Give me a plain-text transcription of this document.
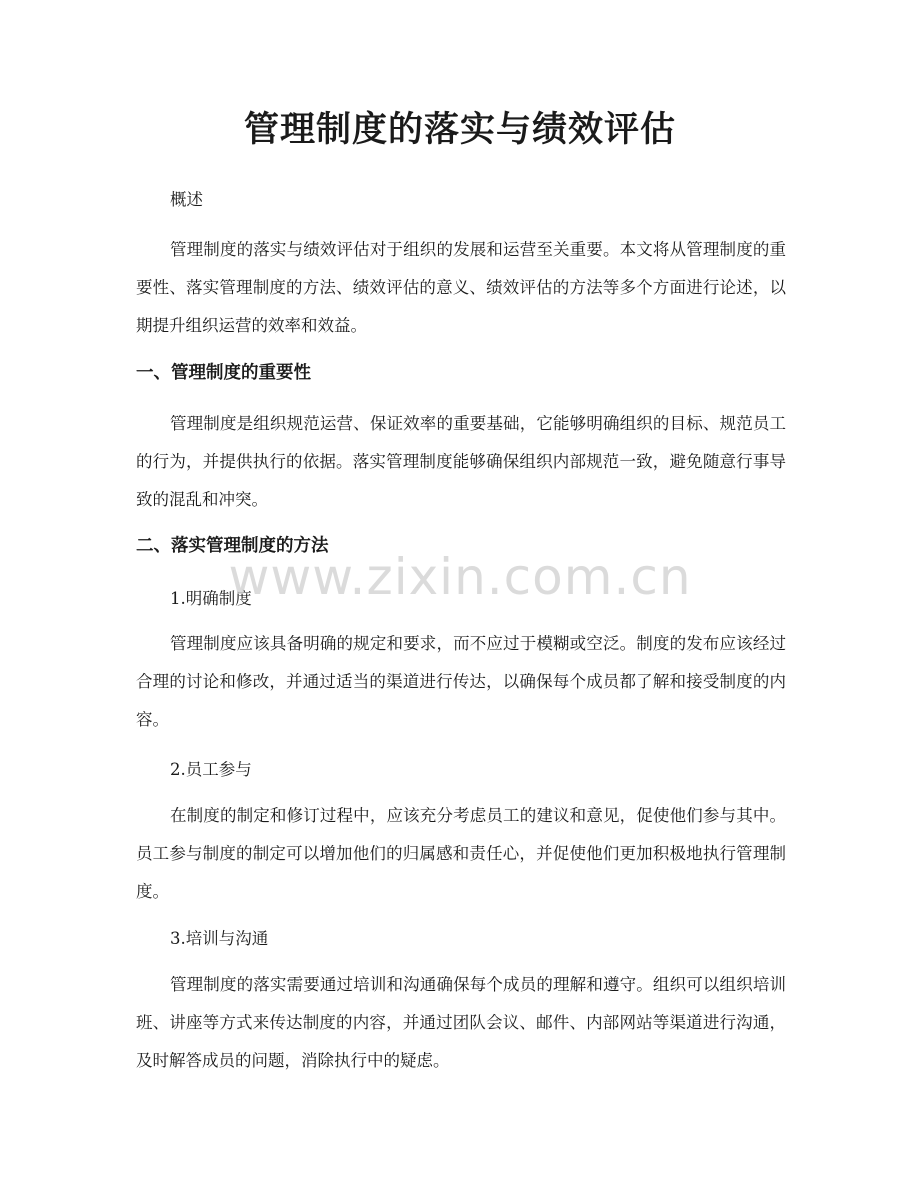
管理制度的落实与绩效评估
概述
管理制度的落实与绩效评估对于组织的发展和运营至关重要。本文将从管理制度的重要性、落实管理制度的方法、绩效评估的意义、绩效评估的方法等多个方面进行论述，以期提升组织运营的效率和效益。
一、管理制度的重要性
管理制度是组织规范运营、保证效率的重要基础，它能够明确组织的目标、规范员工的行为，并提供执行的依据。落实管理制度能够确保组织内部规范一致，避免随意行事导致的混乱和冲突。
二、落实管理制度的方法
1.明确制度
管理制度应该具备明确的规定和要求，而不应过于模糊或空泛。制度的发布应该经过合理的讨论和修改，并通过适当的渠道进行传达，以确保每个成员都了解和接受制度的内容。
2.员工参与
在制度的制定和修订过程中，应该充分考虑员工的建议和意见，促使他们参与其中。员工参与制度的制定可以增加他们的归属感和责任心，并促使他们更加积极地执行管理制度。
3.培训与沟通
管理制度的落实需要通过培训和沟通确保每个成员的理解和遵守。组织可以组织培训班、讲座等方式来传达制度的内容，并通过团队会议、邮件、内部网站等渠道进行沟通，及时解答成员的问题，消除执行中的疑虑。
www.zixin.com.cn
